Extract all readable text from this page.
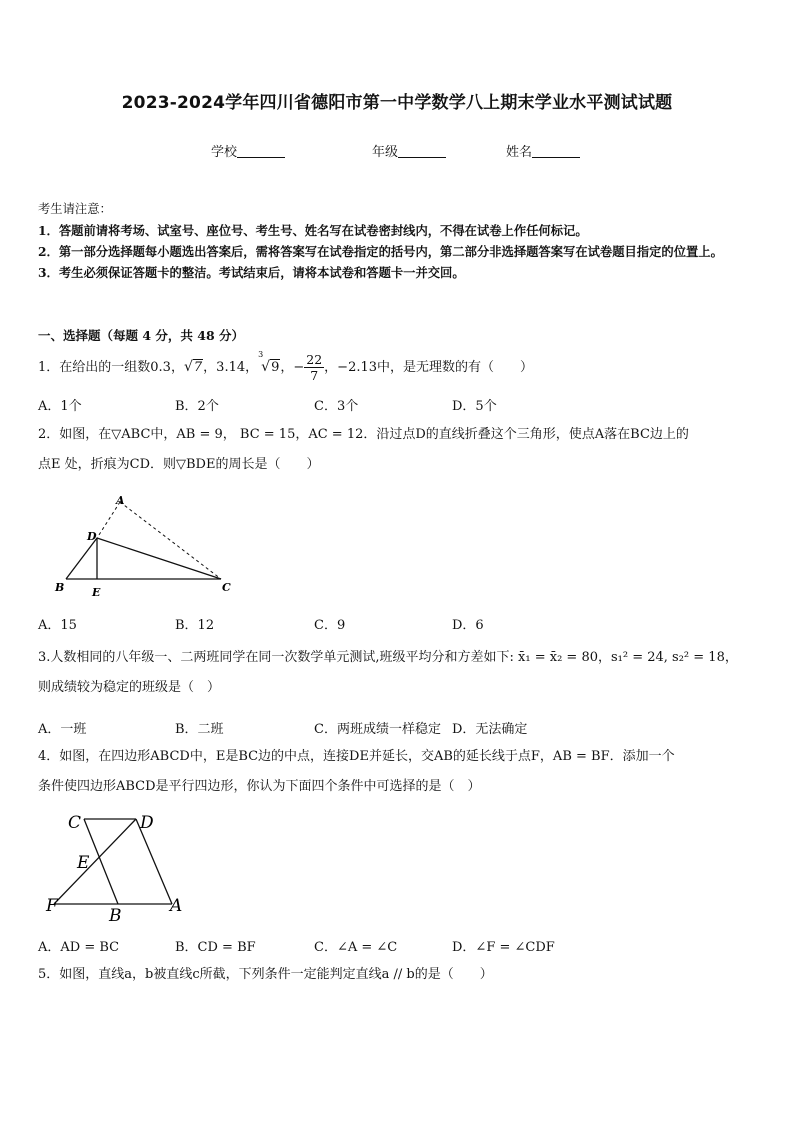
2023-2024学年四川省德阳市第一中学数学八上期末学业水平测试试题
学校	年级	姓名
考生请注意：
1．答题前请将考场、试室号、座位号、考生号、姓名写在试卷密封线内，不得在试卷上作任何标记。
2．第一部分选择题每小题选出答案后，需将答案写在试卷指定的括号内，第二部分非选择题答案写在试卷题目指定的位置上。
3．考生必须保证答题卡的整洁。考试结束后，请将本试卷和答题卡一并交回。
一、选择题（每题 4 分，共 48 分）
1．在给出的一组数0.3，√7，3.14，
3
√9，− $\frac{22}{7}$ ，−2.13中，是无理数的有（　　）
A．1个	B．2个	C．3个	D．5个
2．如图，在▽ABC中，AB = 9， BC = 15，AC = 12．沿过点D的直线折叠这个三角形，使点A落在BC边上的
点E 处，折痕为CD．则▽BDE的周长是（　　）
A
D
B	E	C
A．15	B．12	C．9	D．6
3.人数相同的八年级一、二两班同学在同一次数学单元测试,班级平均分和方差如下: x̄₁ = x̄₂ = 80，s₁² = 24, s₂² = 18，
则成绩较为稳定的班级是（　）
A．一班	B．二班	C．两班成绩一样稳定 D．无法确定
4．如图，在四边形ABCD中，E是BC边的中点，连接DE并延长，交AB的延长线于点F，AB = BF．添加一个
条件使四边形ABCD是平行四边形，你认为下面四个条件中可选择的是（　）
C	D
E
F	B	A
A．AD = BC	B．CD = BF	C．∠A = ∠C	D．∠F = ∠CDF
5．如图，直线a，b被直线c所截，下列条件一定能判定直线a // b的是（　　）
